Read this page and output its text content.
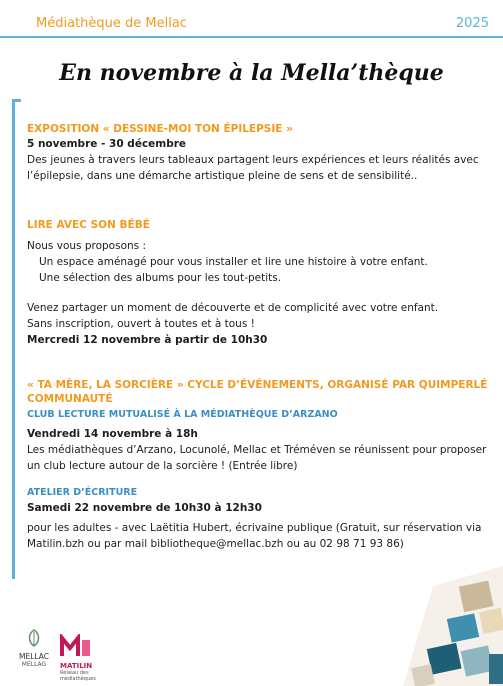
Médiathèque de Mellac	2025
En novembre à la Mella’thèque
EXPOSITION « DESSINE-MOI TON ÉPILEPSIE »
5 novembre - 30 décembre
Des jeunes à travers leurs tableaux partagent leurs expériences et leurs réalités avec l’épilepsie, dans une démarche artistique pleine de sens et de sensibilité..
LIRE AVEC SON BÉBÉ
Nous vous proposons :
Un espace aménagé pour vous installer et lire une histoire à votre enfant.
Une sélection des albums pour les tout-petits.
Venez partager un moment de découverte et de complicité avec votre enfant.
Sans inscription, ouvert à toutes et à tous !
Mercredi 12 novembre à partir de 10h30
« TA MÈRE, LA SORCIÈRE » CYCLE D’ÉVÉNEMENTS, ORGANISÉ PAR QUIMPERLÉ COMMUNAUTÉ
CLUB LECTURE MUTUALISÉ À LA MÉDIATHÈQUE D’ARZANO
Vendredi 14 novembre à 18h
Les médiathèques d’Arzano, Locunolé, Mellac et Tréméven se réunissent pour proposer un club lecture autour de la sorcière ! (Entrée libre)
ATELIER D’ÉCRITURE
Samedi 22 novembre de 10h30 à 12h30
pour les adultes - avec Laëtitia Hubert, écrivaine publique (Gratuit, sur réservation via Matilin.bzh ou par mail bibliotheque@mellac.bzh ou au 02 98 71 93 86)
MELLAC
MELLAG	MATILIN
Réseau des médiathèques
